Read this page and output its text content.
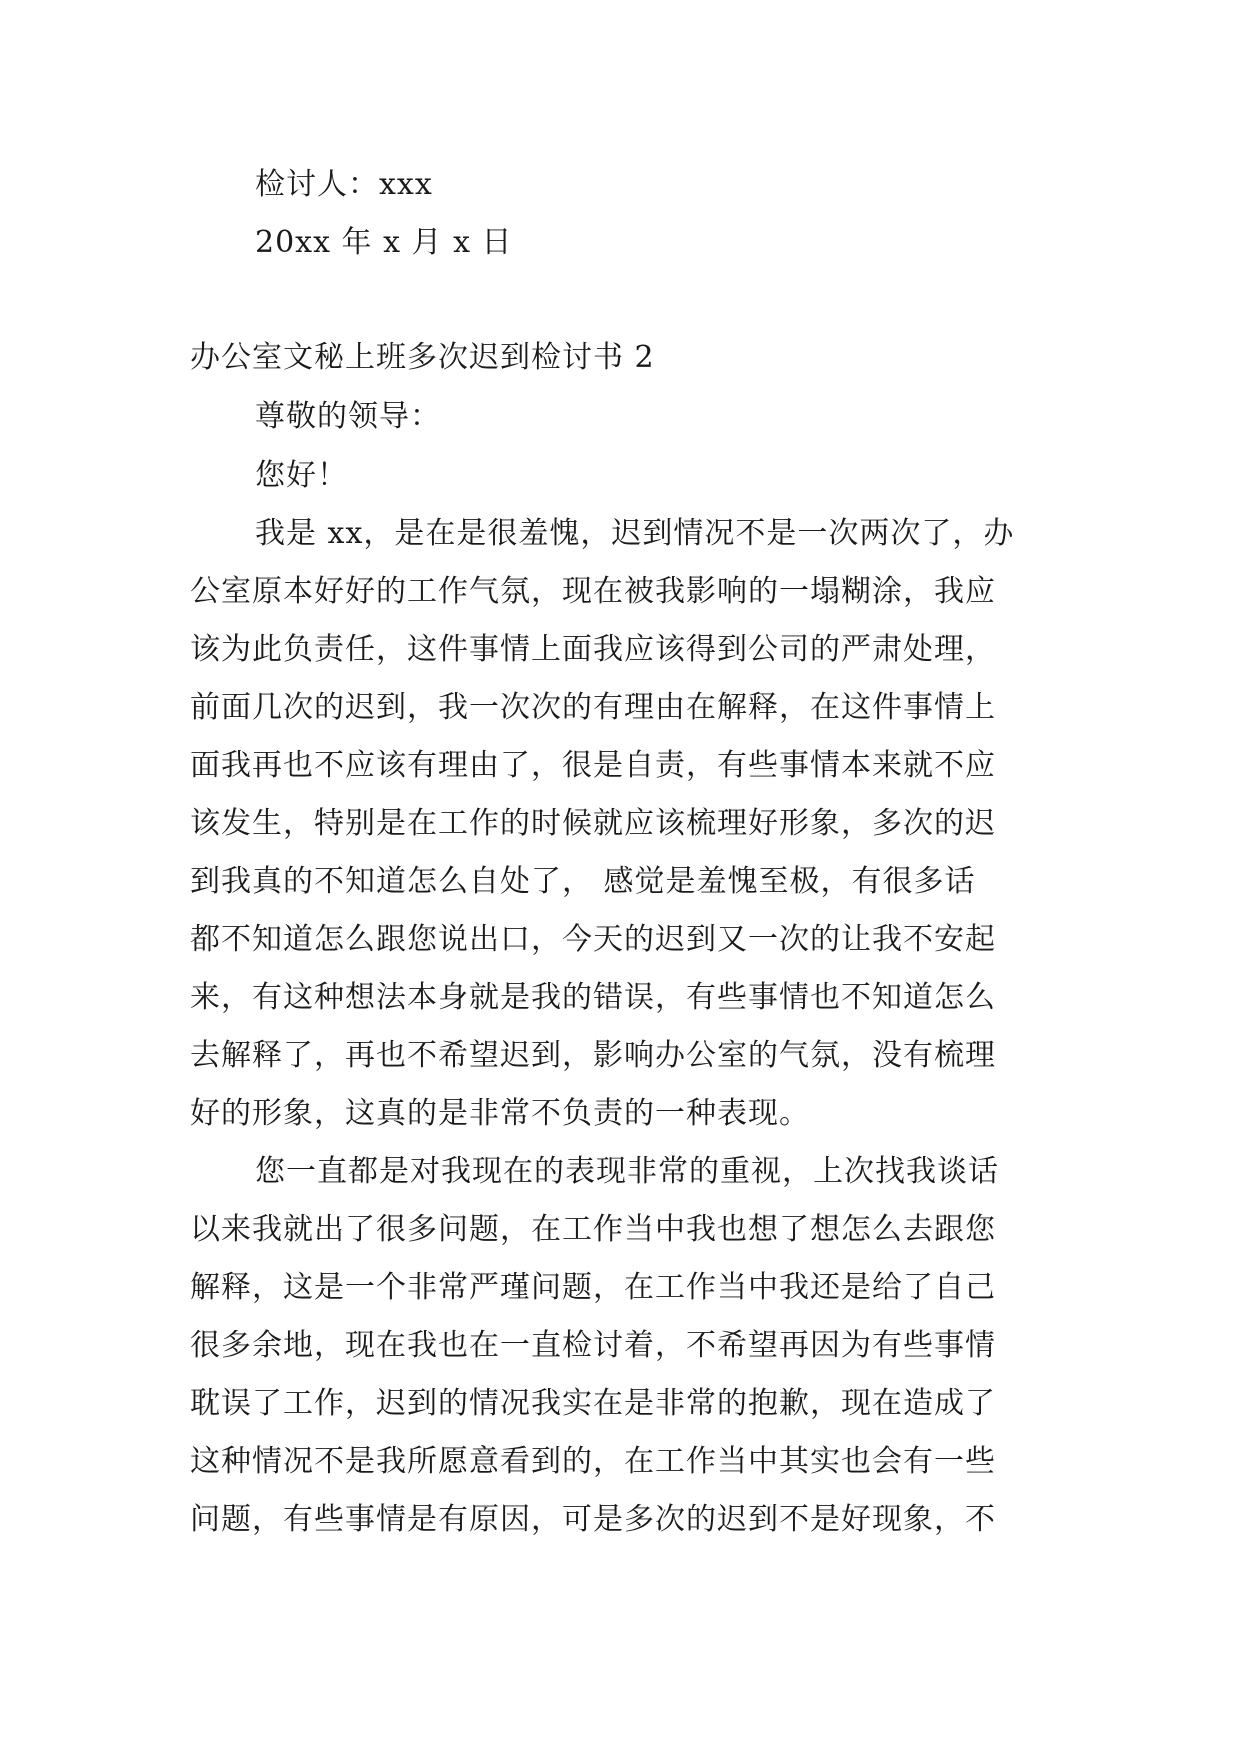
检讨人：xxx
20xx 年 x 月 x 日
办公室文秘上班多次迟到检讨书 2
尊敬的领导：
您好！
我是 xx，是在是很羞愧，迟到情况不是一次两次了，办
公室原本好好的工作气氛，现在被我影响的一塌糊涂，我应
该为此负责任，这件事情上面我应该得到公司的严肃处理，
前面几次的迟到，我一次次的有理由在解释，在这件事情上
面我再也不应该有理由了，很是自责，有些事情本来就不应
该发生，特别是在工作的时候就应该梳理好形象，多次的迟
到我真的不知道怎么自处了， 感觉是羞愧至极，有很多话
都不知道怎么跟您说出口，今天的迟到又一次的让我不安起
来，有这种想法本身就是我的错误，有些事情也不知道怎么
去解释了，再也不希望迟到，影响办公室的气氛，没有梳理
好的形象，这真的是非常不负责的一种表现。
您一直都是对我现在的表现非常的重视，上次找我谈话
以来我就出了很多问题，在工作当中我也想了想怎么去跟您
解释，这是一个非常严瑾问题，在工作当中我还是给了自己
很多余地，现在我也在一直检讨着，不希望再因为有些事情
耽误了工作，迟到的情况我实在是非常的抱歉，现在造成了
这种情况不是我所愿意看到的，在工作当中其实也会有一些
问题，有些事情是有原因，可是多次的迟到不是好现象，不
